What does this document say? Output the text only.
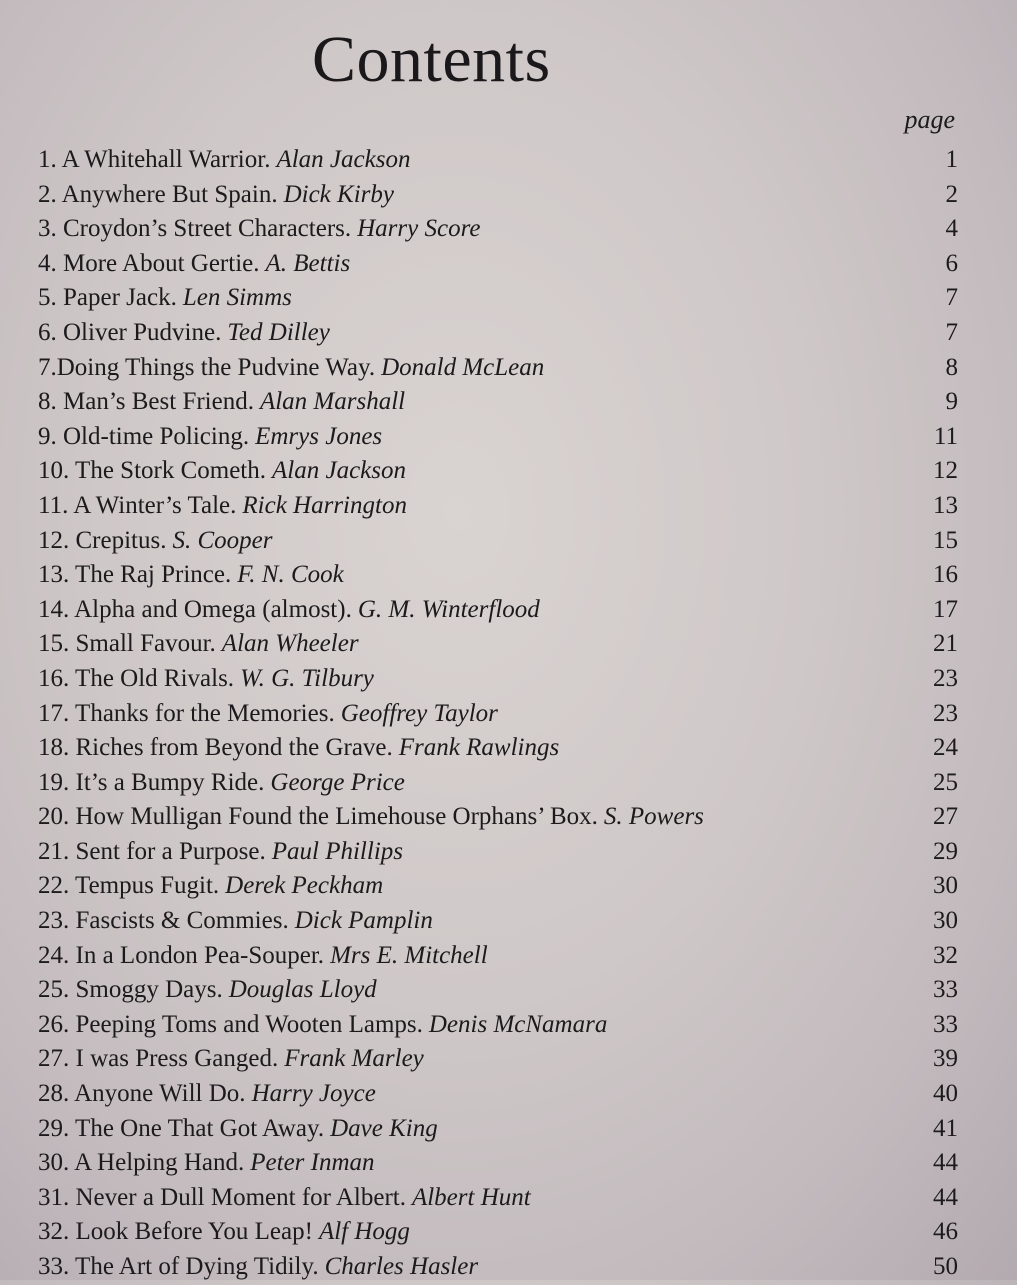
Contents
page
1. A Whitehall Warrior. Alan Jackson	1
2. Anywhere But Spain. Dick Kirby	2
3. Croydon’s Street Characters. Harry Score	4
4. More About Gertie. A. Bettis	6
5. Paper Jack. Len Simms	7
6. Oliver Pudvine. Ted Dilley	7
7.Doing Things the Pudvine Way. Donald McLean	8
8. Man’s Best Friend. Alan Marshall	9
9. Old-time Policing. Emrys Jones	11
10. The Stork Cometh. Alan Jackson	12
11. A Winter’s Tale. Rick Harrington	13
12. Crepitus. S. Cooper	15
13. The Raj Prince. F. N. Cook	16
14. Alpha and Omega (almost). G. M. Winterflood	17
15. Small Favour. Alan Wheeler	21
16. The Old Rivals. W. G. Tilbury	23
17. Thanks for the Memories. Geoffrey Taylor	23
18. Riches from Beyond the Grave. Frank Rawlings	24
19. It’s a Bumpy Ride. George Price	25
20. How Mulligan Found the Limehouse Orphans’ Box. S. Powers	27
21. Sent for a Purpose. Paul Phillips	29
22. Tempus Fugit. Derek Peckham	30
23. Fascists & Commies. Dick Pamplin	30
24. In a London Pea-Souper. Mrs E. Mitchell	32
25. Smoggy Days. Douglas Lloyd	33
26. Peeping Toms and Wooten Lamps. Denis McNamara	33
27. I was Press Ganged. Frank Marley	39
28. Anyone Will Do. Harry Joyce	40
29. The One That Got Away. Dave King	41
30. A Helping Hand. Peter Inman	44
31. Never a Dull Moment for Albert. Albert Hunt	44
32. Look Before You Leap! Alf Hogg	46
33. The Art of Dying Tidily. Charles Hasler	50
